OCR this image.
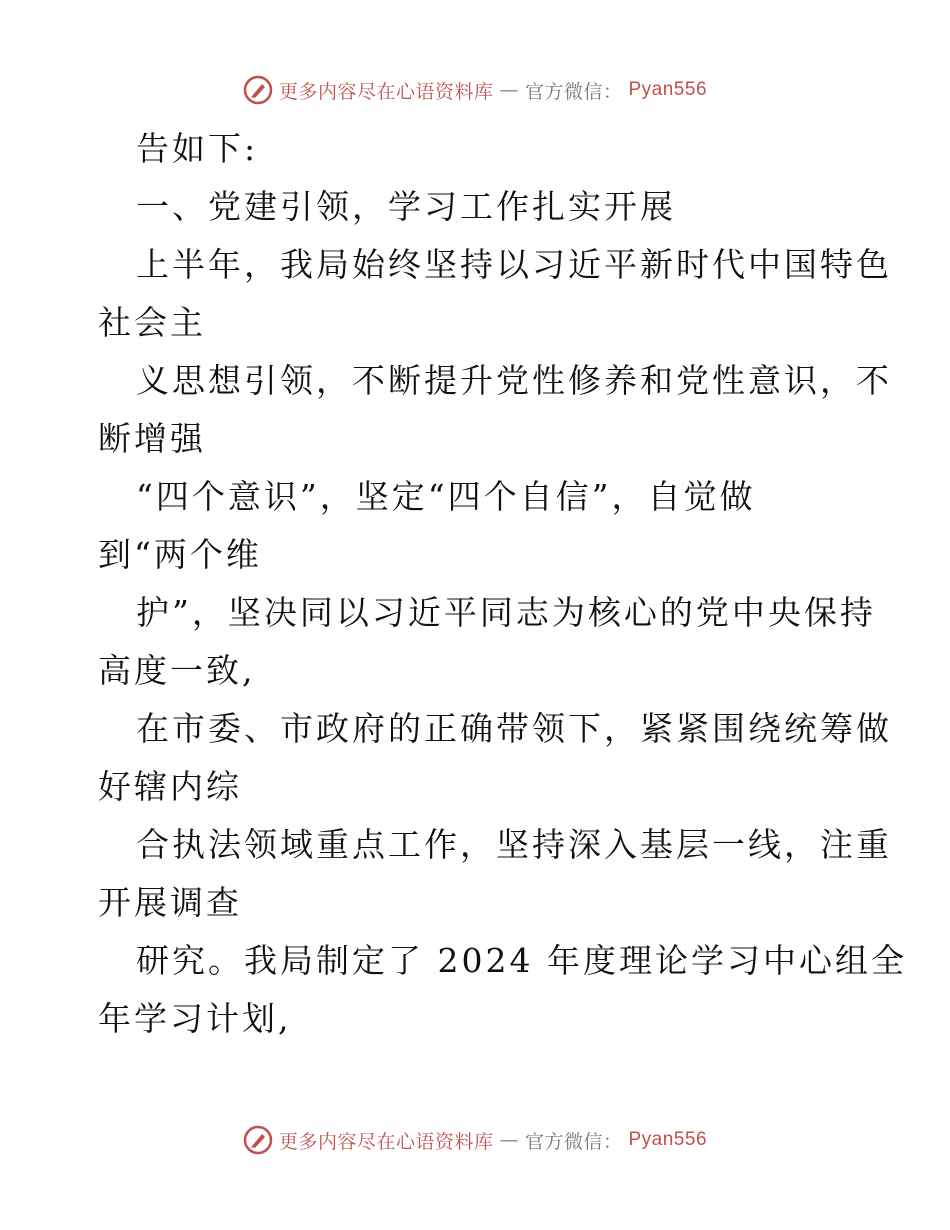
更多内容尽在心语资料库 — 官方微信： Pyan556
告如下:
一、党建引领，学习工作扎实开展
上半年，我局始终坚持以习近平新时代中国特色
社会主
义思想引领，不断提升党性修养和党性意识，不
断增强
“四个意识”，坚定“四个自信”，自觉做
到“两个维
护”，坚决同以习近平同志为核心的党中央保持
高度一致,
在市委、市政府的正确带领下，紧紧围绕统筹做
好辖内综
合执法领域重点工作，坚持深入基层一线，注重
开展调查
研究。我局制定了 2024 年度理论学习中心组全
年学习计划,
更多内容尽在心语资料库 — 官方微信： Pyan556
